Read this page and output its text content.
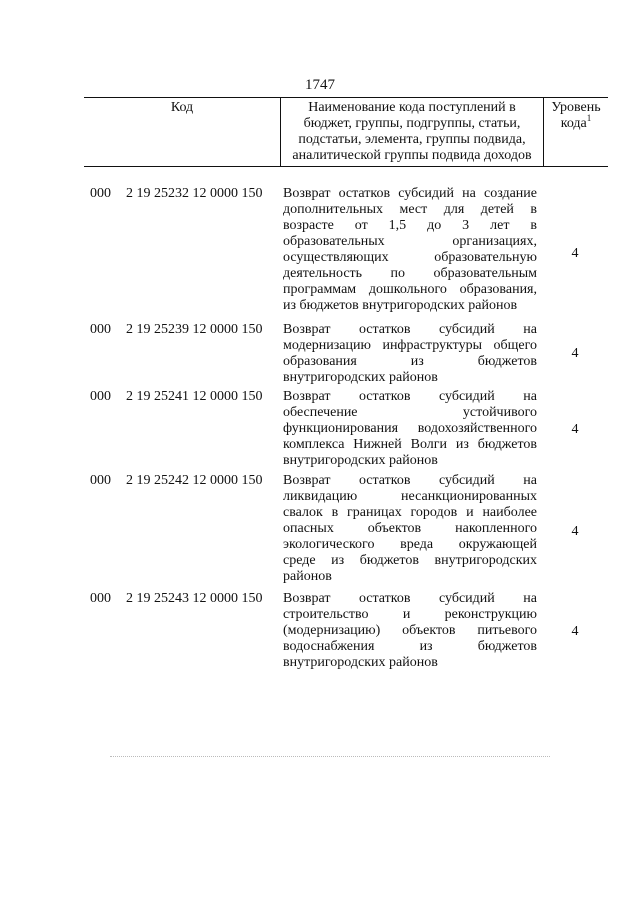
1747
Код	Наименование кода поступлений в
бюджет, группы, подгруппы, статьи,
подстатьи, элемента, группы подвида,
аналитической группы подвида доходов
Уровень
кода$^1$
000 2 19 25232 12 0000 150 Возврат остатков субсидий на создание
дополнительных мест для детей в
возрасте от 1,5 до 3 лет в
образовательных организациях,
осуществляющих образовательную
деятельность по образовательным
программам дошкольного образования,
из бюджетов внутригородских районов
4
000 2 19 25239 12 0000 150 Возврат остатков субсидий на
модернизацию инфраструктуры общего
образования из бюджетов
внутригородских районов
4
000 2 19 25241 12 0000 150 Возврат остатков субсидий на
обеспечение устойчивого
функционирования водохозяйственного
комплекса Нижней Волги из бюджетов
внутригородских районов
4
000 2 19 25242 12 0000 150 Возврат остатков субсидий на
ликвидацию несанкционированных
свалок в границах городов и наиболее
опасных объектов накопленного
экологического вреда окружающей
среде из бюджетов внутригородских
районов
4
000 2 19 25243 12 0000 150 Возврат остатков субсидий на
строительство и реконструкцию
(модернизацию) объектов питьевого
водоснабжения из бюджетов
внутригородских районов
4
